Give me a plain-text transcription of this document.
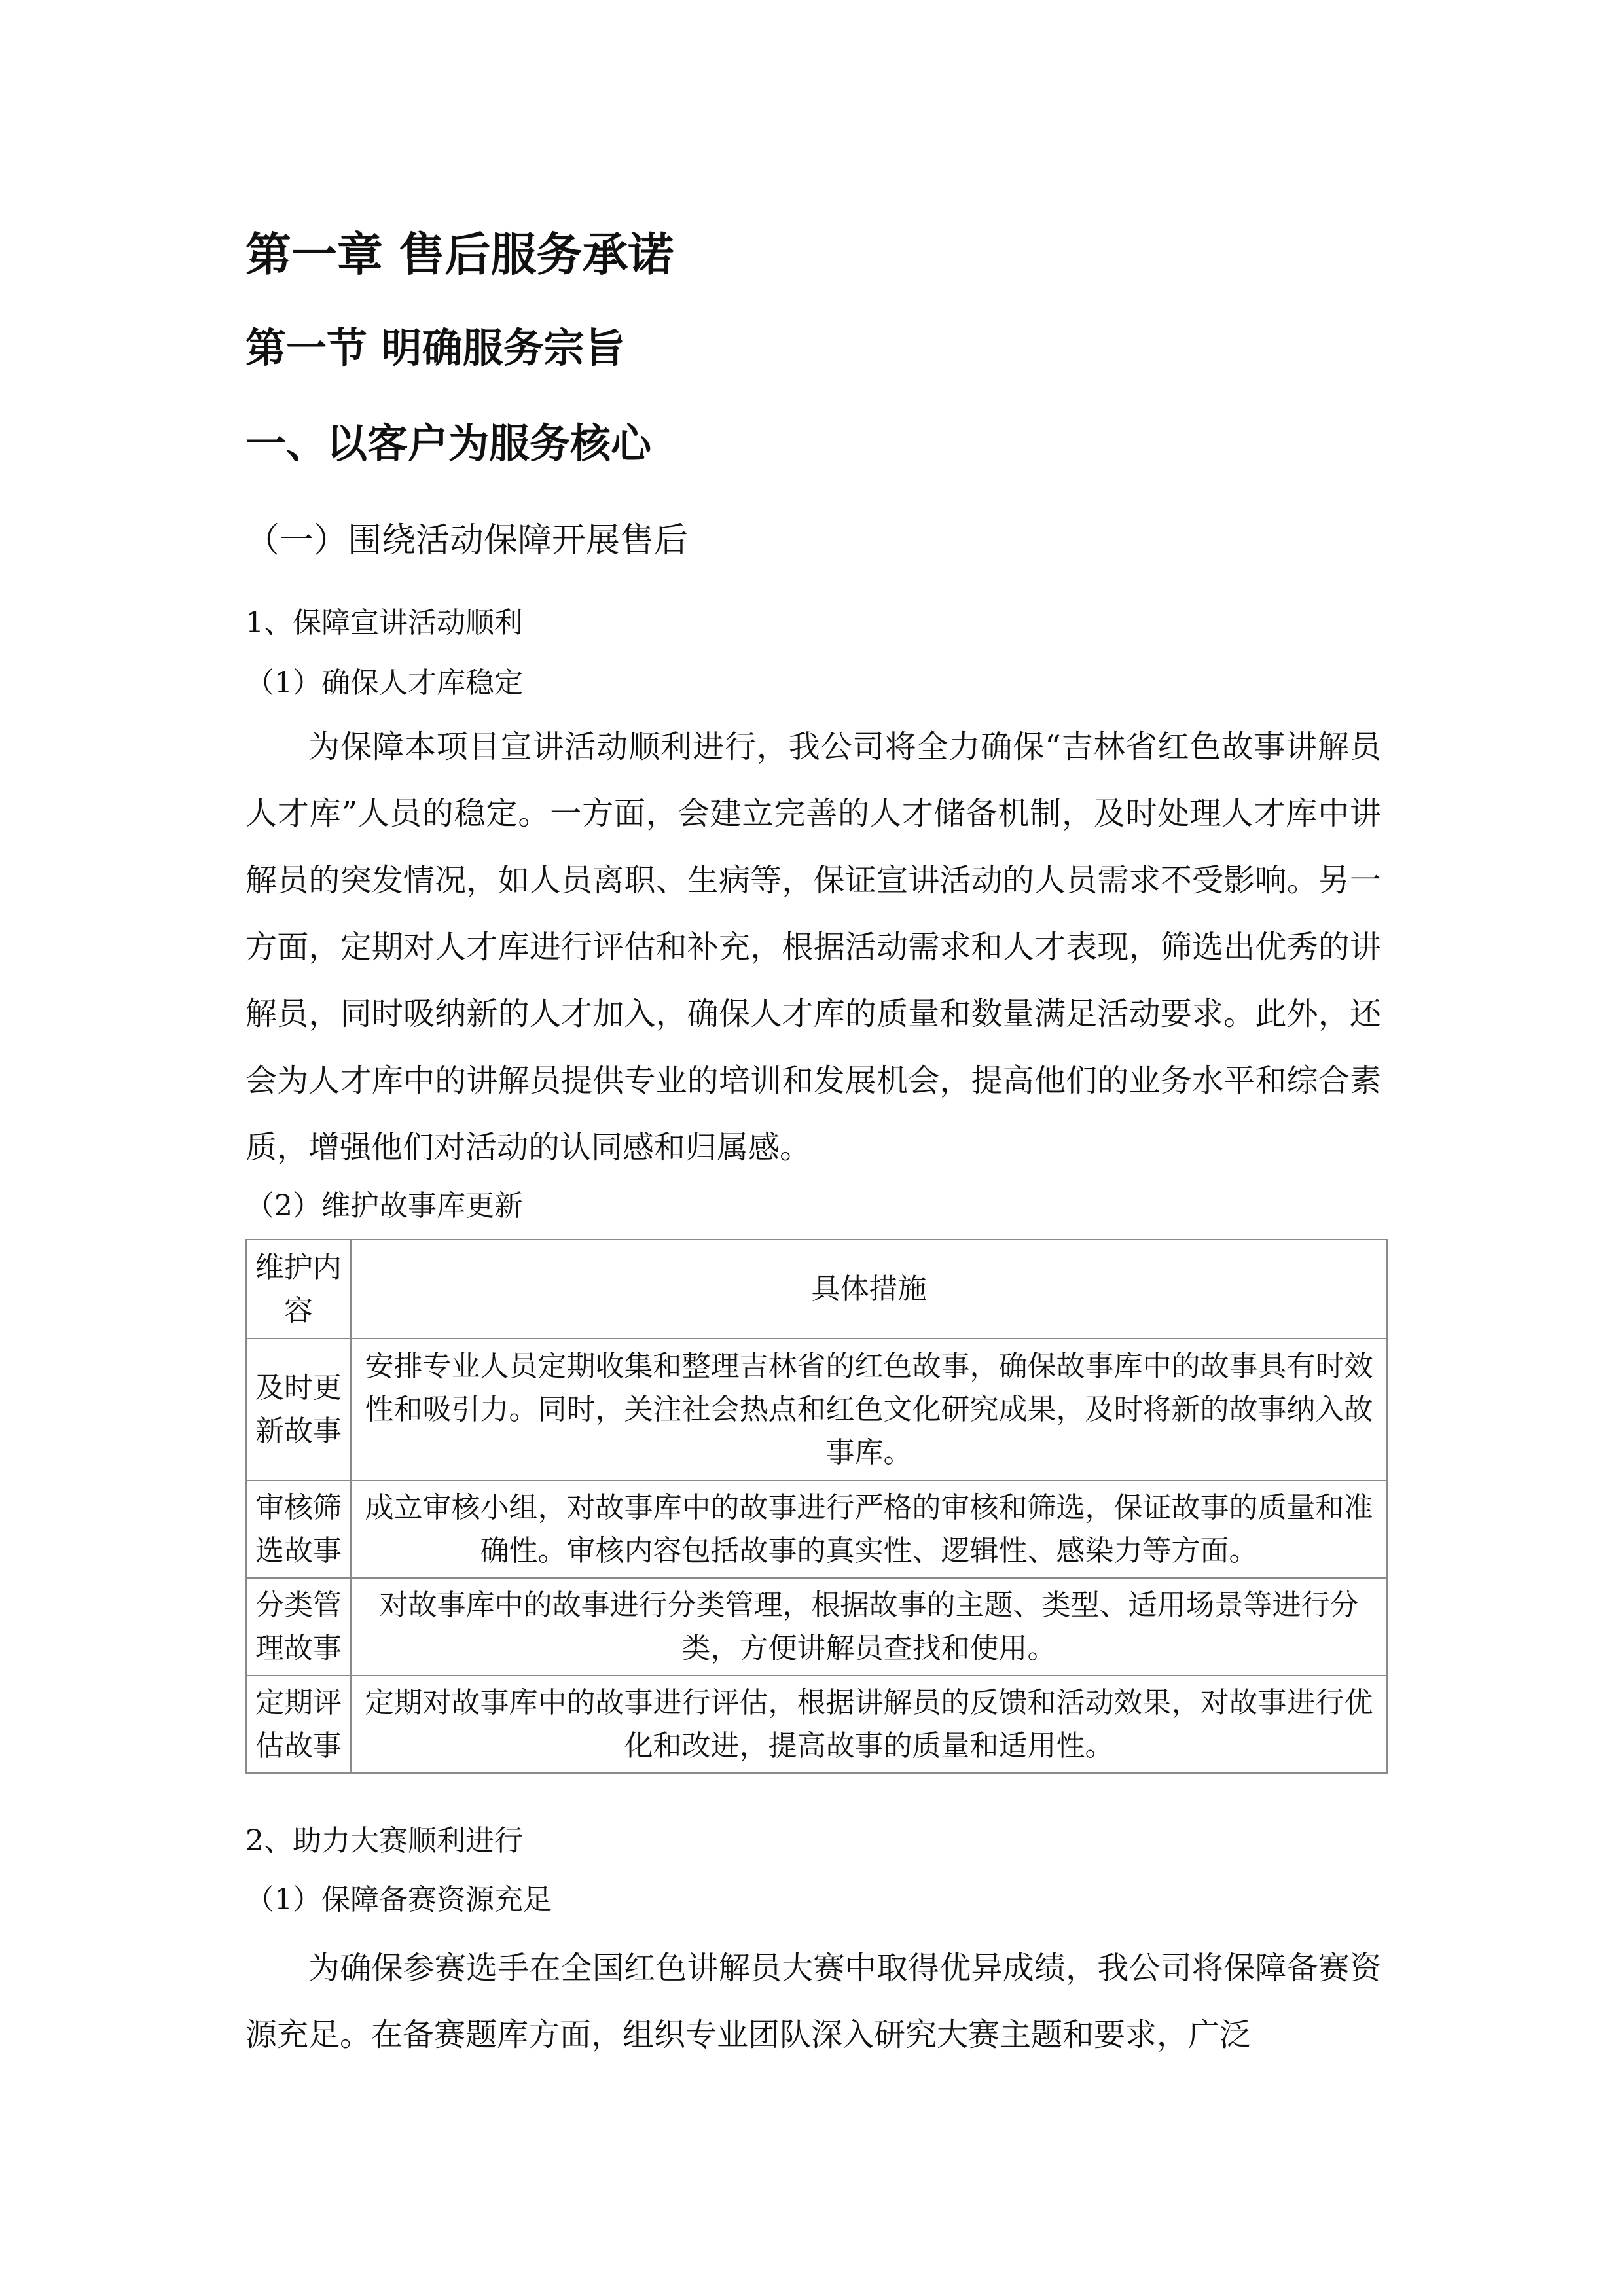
第一章 售后服务承诺
第一节 明确服务宗旨
一、以客户为服务核心
（一）围绕活动保障开展售后
1、保障宣讲活动顺利
（1）确保人才库稳定

为保障本项目宣讲活动顺利进行，我公司将全力确保“吉林省红色故事讲解员人才库”人员的稳定。一方面，会建立完善的人才储备机制，及时处理人才库中讲解员的突发情况，如人员离职、生病等，保证宣讲活动的人员需求不受影响。另一方面，定期对人才库进行评估和补充，根据活动需求和人才表现，筛选出优秀的讲解员，同时吸纳新的人才加入，确保人才库的质量和数量满足活动要求。此外，还会为人才库中的讲解员提供专业的培训和发展机会，提高他们的业务水平和综合素质，增强他们对活动的认同感和归属感。

（2）维护故事库更新
维护内容	具体措施
及时更新故事	安排专业人员定期收集和整理吉林省的红色故事，确保故事库中的故事具有时效性和吸引力。同时，关注社会热点和红色文化研究成果，及时将新的故事纳入故事库。
审核筛选故事	成立审核小组，对故事库中的故事进行严格的审核和筛选，保证故事的质量和准确性。审核内容包括故事的真实性、逻辑性、感染力等方面。
分类管理故事	对故事库中的故事进行分类管理，根据故事的主题、类型、适用场景等进行分类，方便讲解员查找和使用。
定期评估故事	定期对故事库中的故事进行评估，根据讲解员的反馈和活动效果，对故事进行优化和改进，提高故事的质量和适用性。
2、助力大赛顺利进行
（1）保障备赛资源充足

为确保参赛选手在全国红色讲解员大赛中取得优异成绩，我公司将保障备赛资源充足。在备赛题库方面，组织专业团队深入研究大赛主题和要求，广泛
